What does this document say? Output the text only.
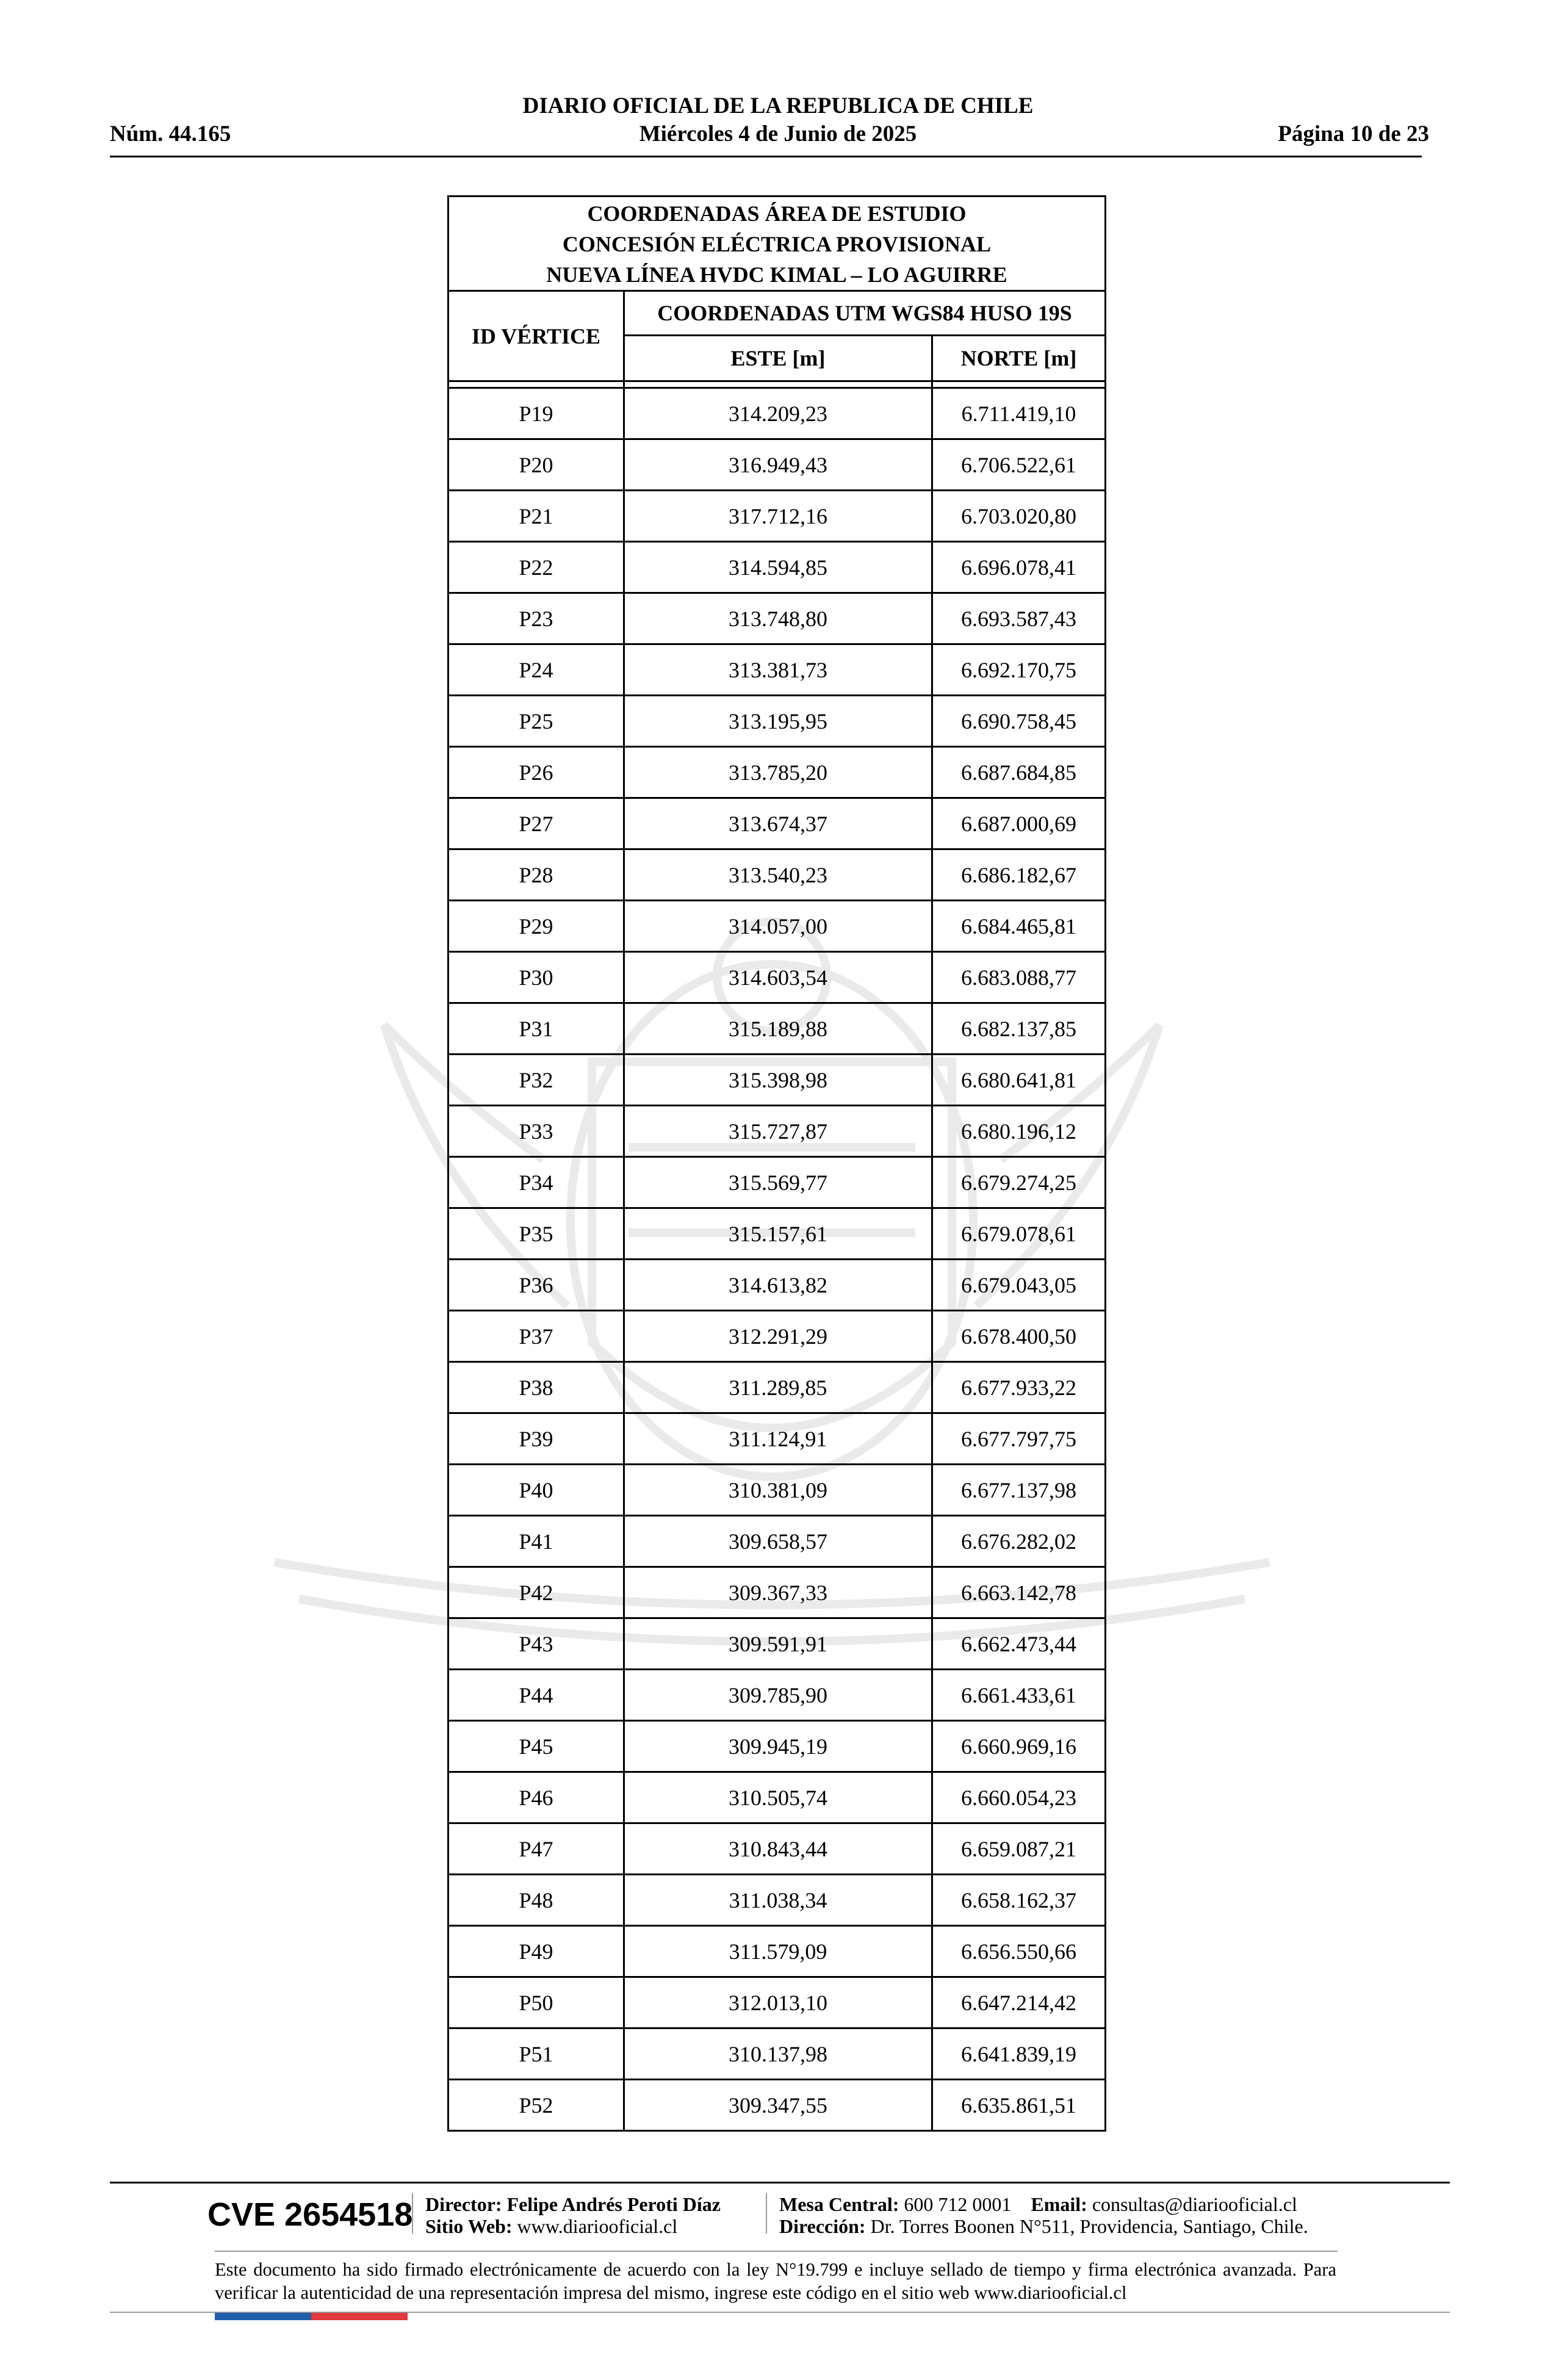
DIARIO OFICIAL DE LA REPUBLICA DE CHILE
Núm. 44.165	Miércoles 4 de Junio de 2025	Página 10 de 23
COORDENADAS ÁREA DE ESTUDIO
CONCESIÓN ELÉCTRICA PROVISIONAL
NUEVA LÍNEA HVDC KIMAL – LO AGUIRRE		

ID VÉRTICE	COORDENADAS UTM WGS84 HUSO 19S	
	ESTE [m]	NORTE [m]

P19	314.209,23	6.711.419,10
P20	316.949,43	6.706.522,61
P21	317.712,16	6.703.020,80
P22	314.594,85	6.696.078,41
P23	313.748,80	6.693.587,43
P24	313.381,73	6.692.170,75
P25	313.195,95	6.690.758,45
P26	313.785,20	6.687.684,85
P27	313.674,37	6.687.000,69
P28	313.540,23	6.686.182,67
P29	314.057,00	6.684.465,81
P30	314.603,54	6.683.088,77
P31	315.189,88	6.682.137,85
P32	315.398,98	6.680.641,81
P33	315.727,87	6.680.196,12
P34	315.569,77	6.679.274,25
P35	315.157,61	6.679.078,61
P36	314.613,82	6.679.043,05
P37	312.291,29	6.678.400,50
P38	311.289,85	6.677.933,22
P39	311.124,91	6.677.797,75
P40	310.381,09	6.677.137,98
P41	309.658,57	6.676.282,02
P42	309.367,33	6.663.142,78
P43	309.591,91	6.662.473,44
P44	309.785,90	6.661.433,61
P45	309.945,19	6.660.969,16
P46	310.505,74	6.660.054,23
P47	310.843,44	6.659.087,21
P48	311.038,34	6.658.162,37
P49	311.579,09	6.656.550,66
P50	312.013,10	6.647.214,42
P51	310.137,98	6.641.839,19
P52	309.347,55	6.635.861,51
CVE 2654518 Director: Felipe Andrés Peroti Díaz
Sitio Web: www.diariooficial.cl
Mesa Central: 600 712 0001 Email: consultas@diariooficial.cl
Dirección: Dr. Torres Boonen N°511, Providencia, Santiago, Chile.
Este documento ha sido firmado electrónicamente de acuerdo con la ley N°19.799 e incluye sellado de tiempo y firma electrónica avanzada. Para verificar la autenticidad de una representación impresa del mismo, ingrese este código en el sitio web www.diariooficial.cl
